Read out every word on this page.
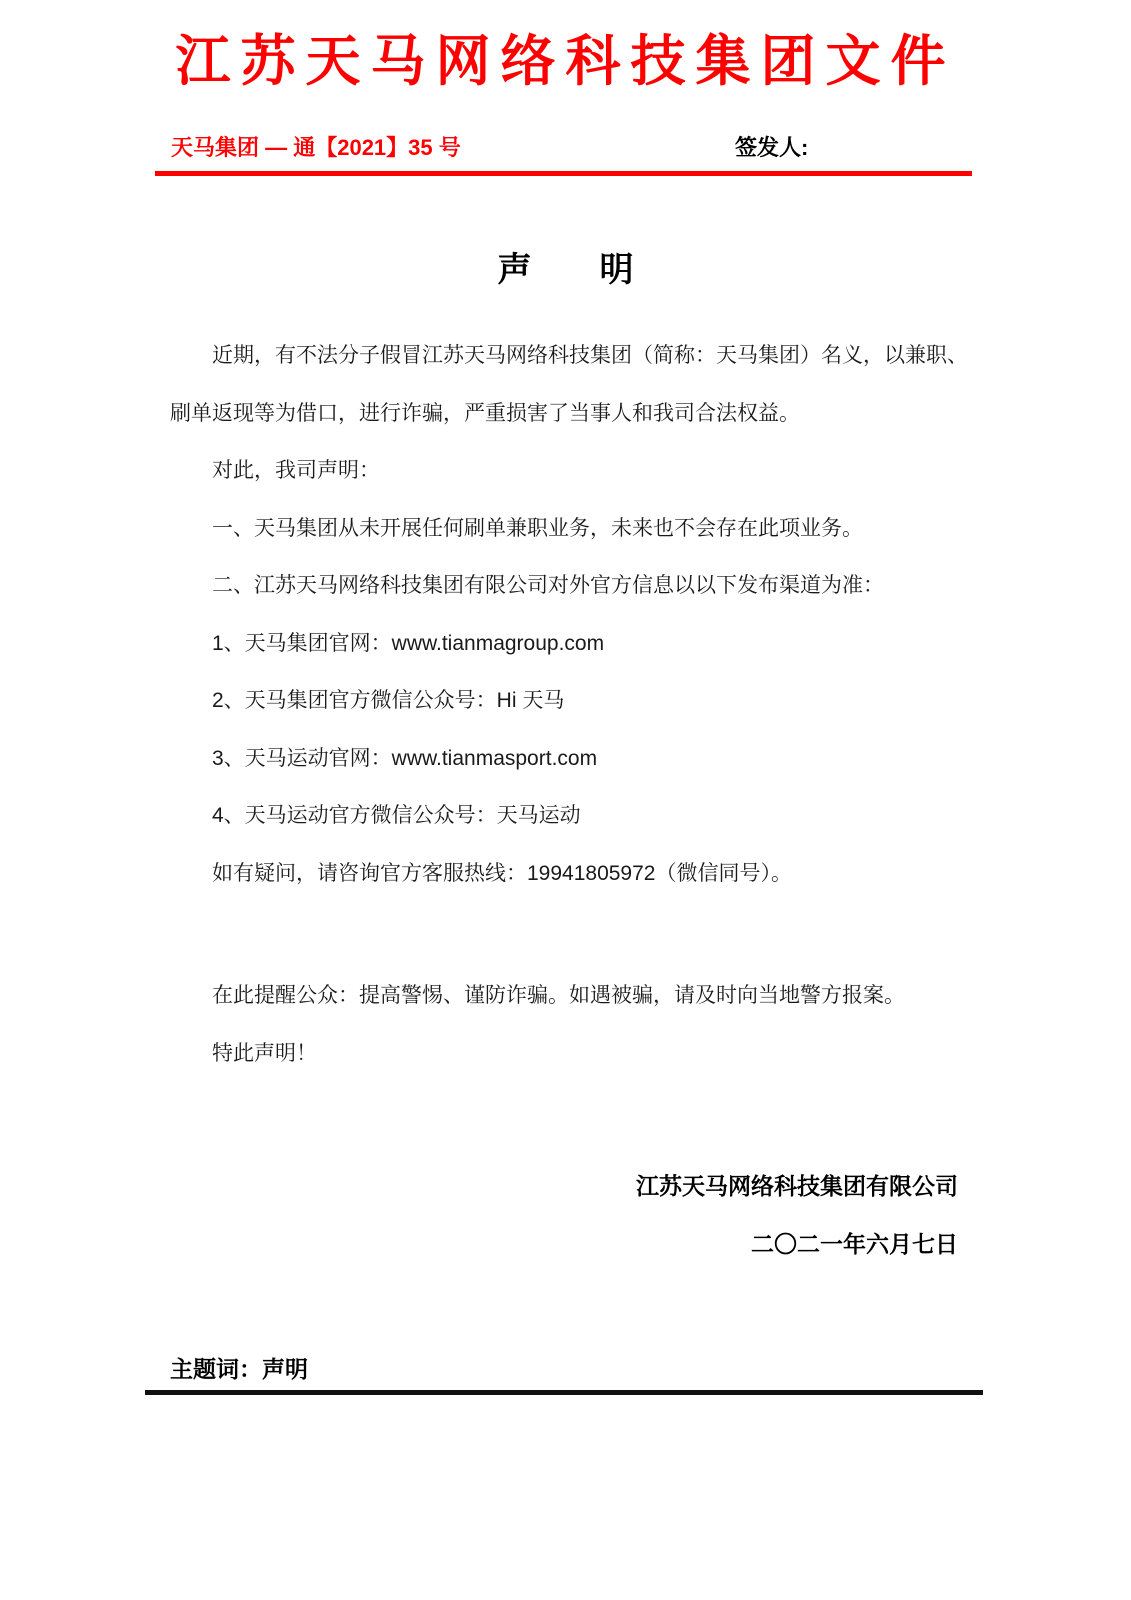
江苏天马网络科技集团文件
天马集团 — 通【2021】35 号	签发人:
声　　明

近期，有不法分子假冒江苏天马网络科技集团（简称：天马集团）名义，以兼职、刷单返现等为借口，进行诈骗，严重损害了当事人和我司合法权益。

对此，我司声明：

一、天马集团从未开展任何刷单兼职业务，未来也不会存在此项业务。

二、江苏天马网络科技集团有限公司对外官方信息以以下发布渠道为准：

1、天马集团官网：www.tianmagroup.com

2、天马集团官方微信公众号：Hi 天马

3、天马运动官网：www.tianmasport.com

4、天马运动官方微信公众号：天马运动

如有疑问，请咨询官方客服热线：19941805972（微信同号）。

在此提醒公众：提高警惕、谨防诈骗。如遇被骗，请及时向当地警方报案。

特此声明！

江苏天马网络科技集团有限公司
二〇二一年六月七日
主题词：声明
